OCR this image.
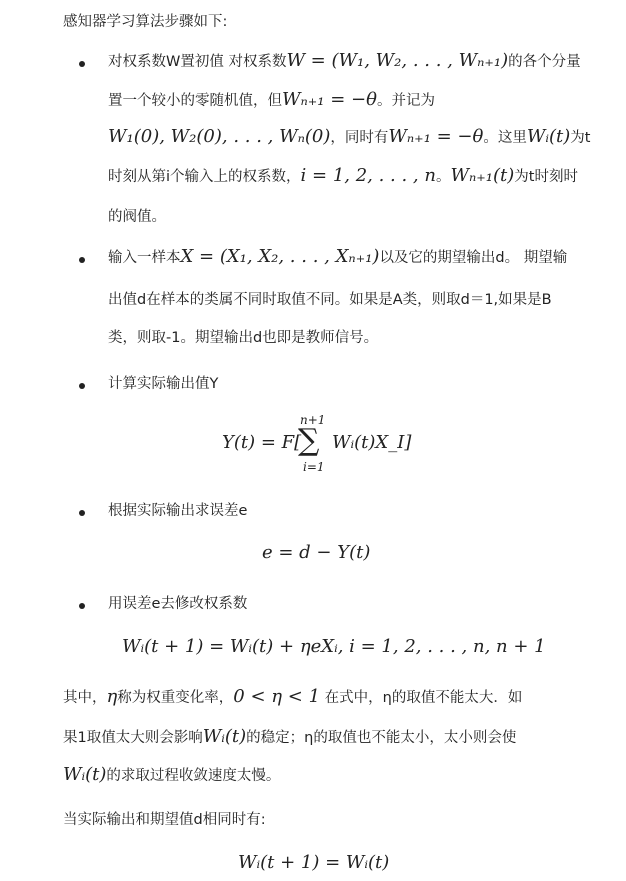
感知器学习算法步骤如下:
对权系数W置初值 对权系数W = (W₁, W₂, . . . , Wₙ₊₁)的各个分量
置一个较小的零随机值，但Wₙ₊₁ = −θ。并记为
W₁(0), W₂(0), . . . , Wₙ(0)，同时有Wₙ₊₁ = −θ。这里Wᵢ(t)为t
时刻从第i个输入上的权系数，i = 1, 2, . . . , n。Wₙ₊₁(t)为t时刻时
的阀值。
输入一样本X = (X₁, X₂, . . . , Xₙ₊₁)以及它的期望输出d。 期望输
出值d在样本的类属不同时取值不同。如果是A类，则取d＝1,如果是B
类，则取-1。期望输出d也即是教师信号。
计算实际输出值Y
Y(t) = F[
n+1
∑
i=1
Wᵢ(t)X_I]
根据实际输出求误差e
e = d − Y(t)
用误差e去修改权系数
Wᵢ(t + 1) = Wᵢ(t) + ηeXᵢ, i = 1, 2, . . . , n, n + 1
其中，η称为权重变化率，0 < η < 1 在式中，η的取值不能太大．如
果1取值太大则会影响Wᵢ(t)的稳定；η的取值也不能太小，太小则会使
Wᵢ(t)的求取过程收敛速度太慢。
当实际输出和期望值d相同时有:
Wᵢ(t + 1) = Wᵢ(t)
